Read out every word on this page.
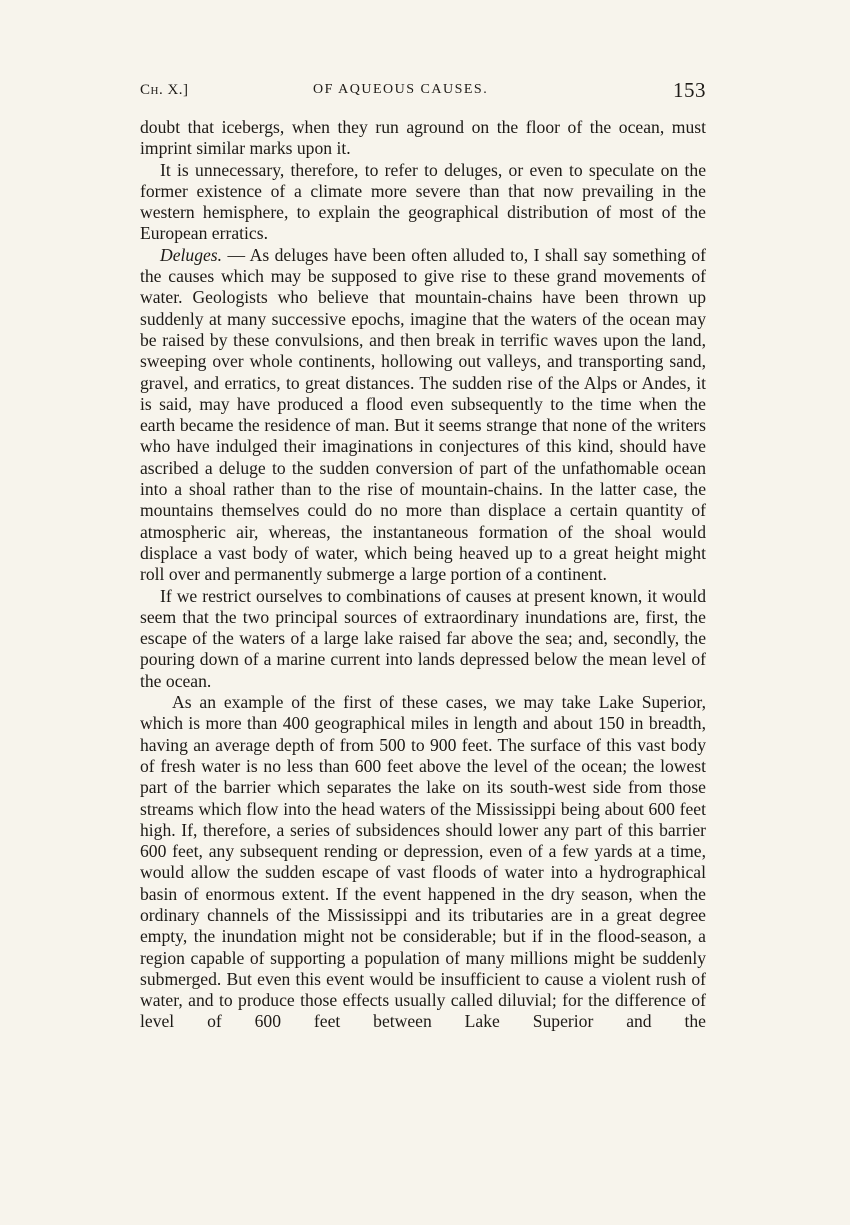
Ch. X.]	OF AQUEOUS CAUSES.	153

doubt that icebergs, when they run aground on the floor of the ocean, must imprint similar marks upon it.

It is unnecessary, therefore, to refer to deluges, or even to speculate on the former existence of a climate more severe than that now prevailing in the western hemisphere, to explain the geographical distribution of most of the European erratics.

Deluges. — As deluges have been often alluded to, I shall say something of the causes which may be supposed to give rise to these grand movements of water. Geologists who believe that mountain-chains have been thrown up suddenly at many successive epochs, imagine that the waters of the ocean may be raised by these convulsions, and then break in terrific waves upon the land, sweeping over whole continents, hollowing out valleys, and transporting sand, gravel, and erratics, to great distances. The sudden rise of the Alps or Andes, it is said, may have produced a flood even subsequently to the time when the earth became the residence of man. But it seems strange that none of the writers who have indulged their imaginations in conjectures of this kind, should have ascribed a deluge to the sudden conversion of part of the unfathomable ocean into a shoal rather than to the rise of mountain-chains. In the latter case, the mountains themselves could do no more than displace a certain quantity of atmospheric air, whereas, the instantaneous formation of the shoal would displace a vast body of water, which being heaved up to a great height might roll over and permanently submerge a large portion of a continent.

If we restrict ourselves to combinations of causes at present known, it would seem that the two principal sources of extraordinary inundations are, first, the escape of the waters of a large lake raised far above the sea; and, secondly, the pouring down of a marine current into lands depressed below the mean level of the ocean.

As an example of the first of these cases, we may take Lake Superior, which is more than 400 geographical miles in length and about 150 in breadth, having an average depth of from 500 to 900 feet. The surface of this vast body of fresh water is no less than 600 feet above the level of the ocean; the lowest part of the barrier which separates the lake on its south-west side from those streams which flow into the head waters of the Mississippi being about 600 feet high. If, therefore, a series of subsidences should lower any part of this barrier 600 feet, any subsequent rending or depression, even of a few yards at a time, would allow the sudden escape of vast floods of water into a hydrographical basin of enormous extent. If the event happened in the dry season, when the ordinary channels of the Mississippi and its tributaries are in a great degree empty, the inundation might not be considerable; but if in the flood-season, a region capable of supporting a population of many millions might be suddenly submerged. But even this event would be insufficient to cause a violent rush of water, and to produce those effects usually called diluvial; for the difference of level of 600 feet between Lake Superior and the
